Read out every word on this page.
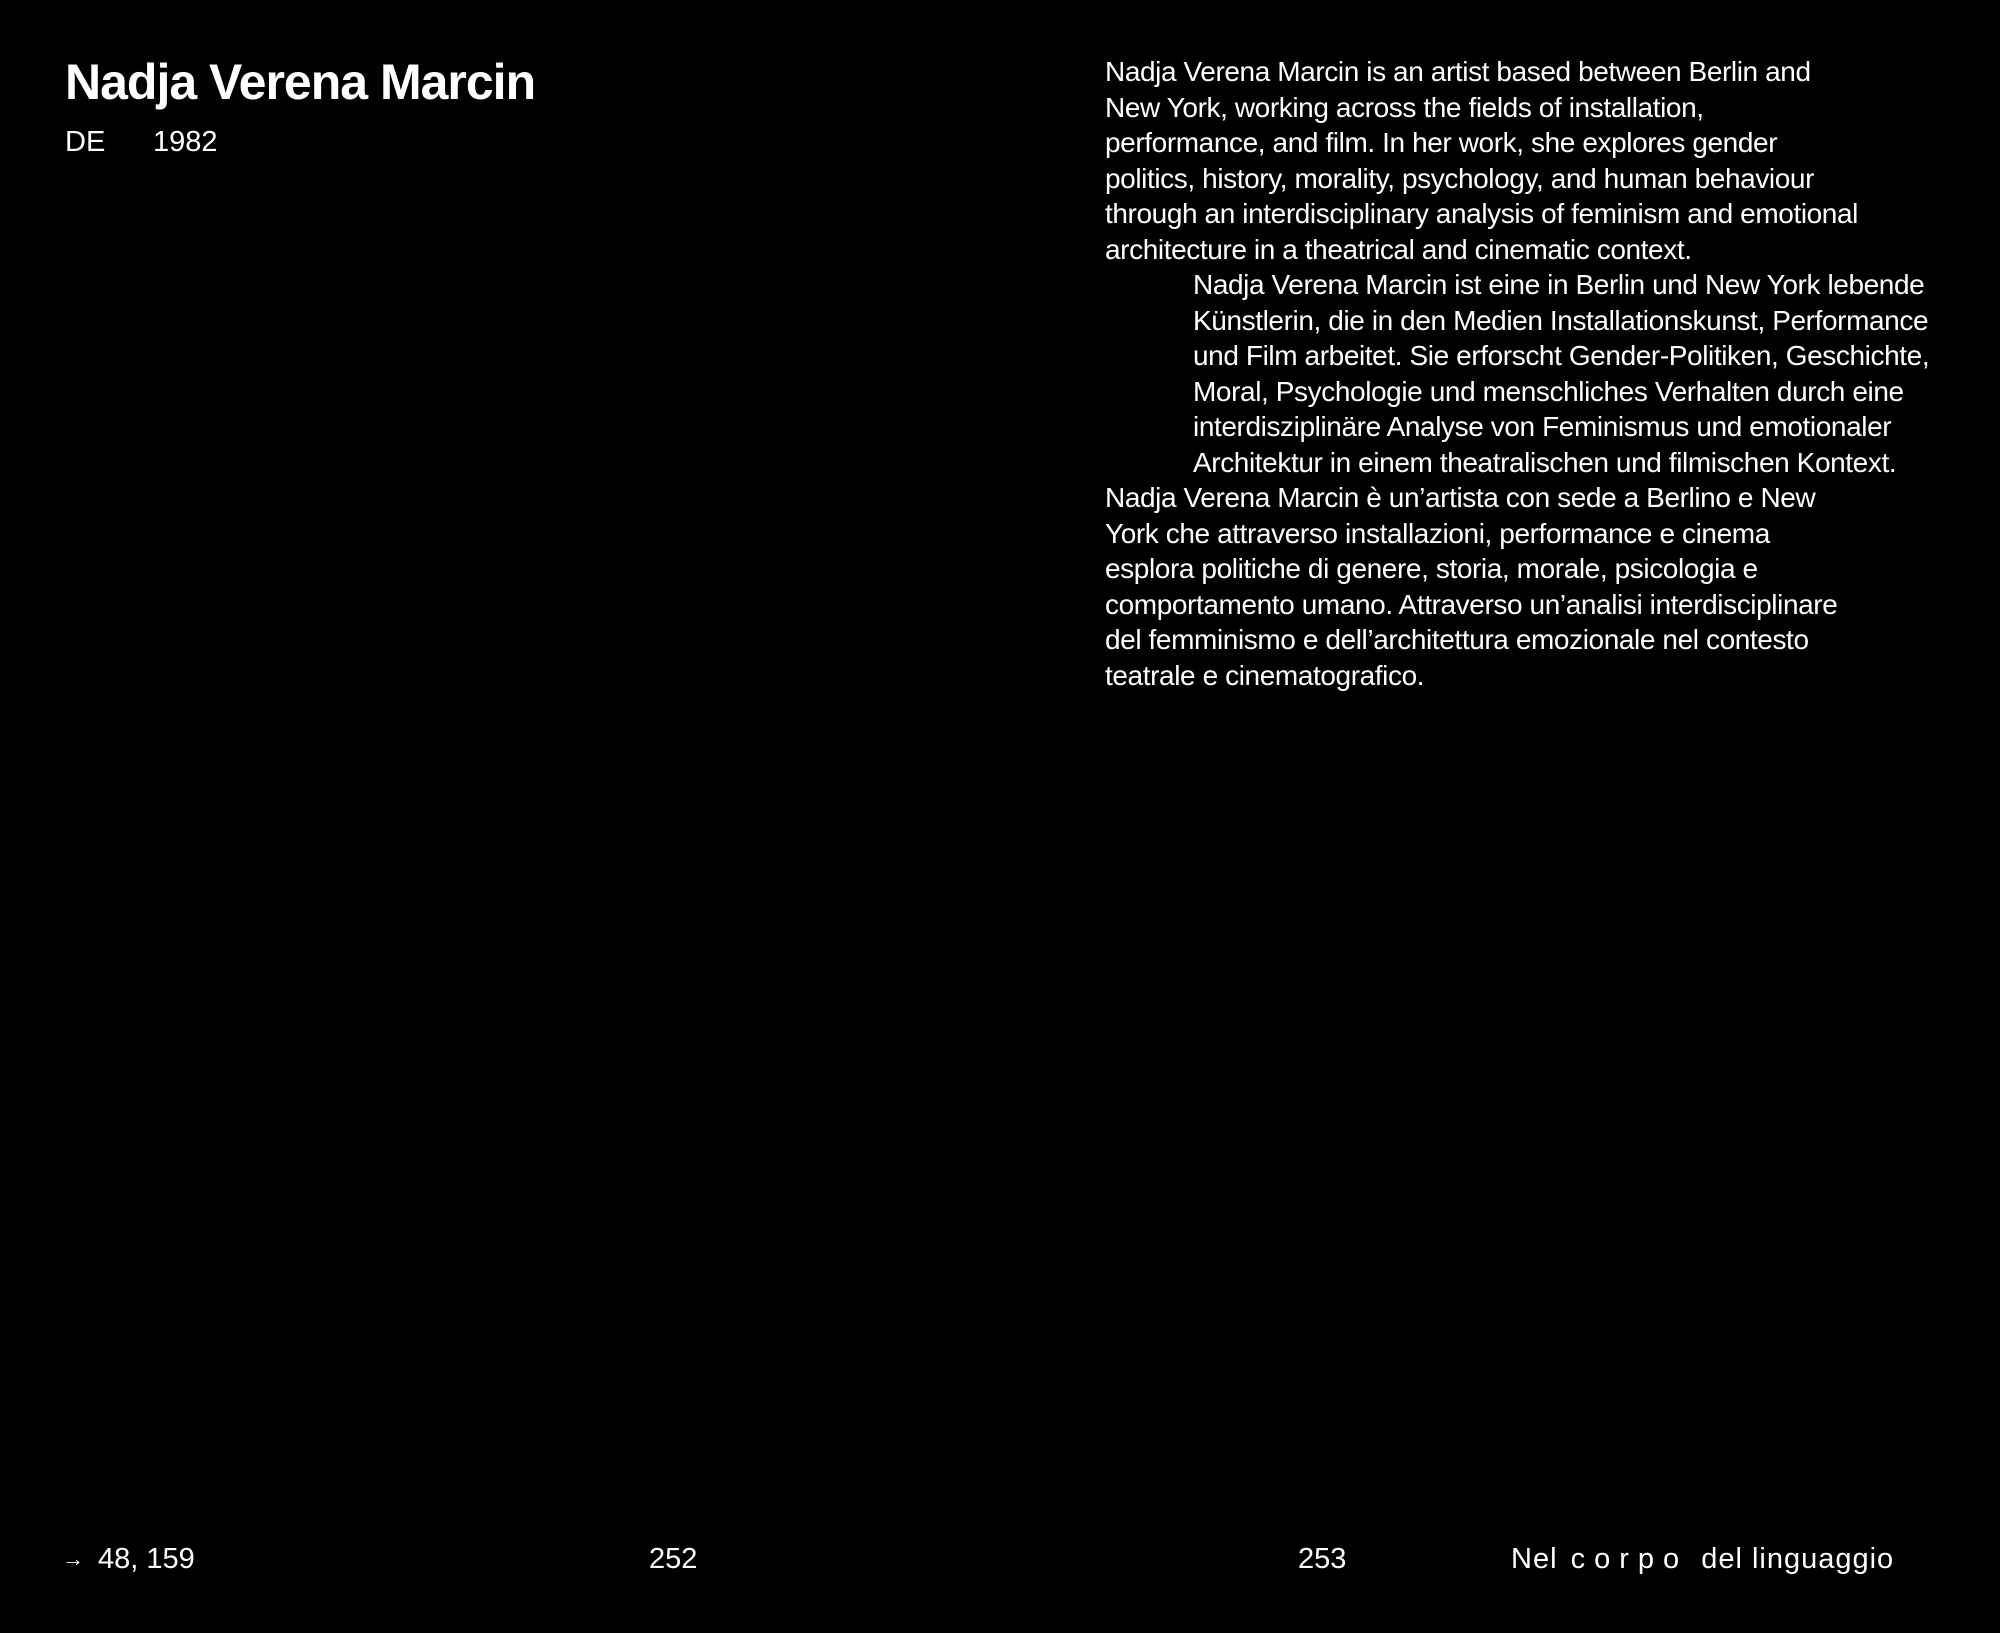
Nadja Verena Marcin
DE 1982
→ 48, 159	252

Nadja Verena Marcin is an artist based between Berlin and New York, working across the fields of installation, performance, and film. In her work, she explores gender politics, history, morality, psychology, and human behaviour through an interdisciplinary analysis of feminism and emotional architecture in a theatrical and cinematic context.

Nadja Verena Marcin ist eine in Berlin und New York lebende Künstlerin, die in den Medien Installationskunst, Performance und Film arbeitet. Sie erforscht Gender-Politiken, Geschichte, Moral, Psychologie und menschliches Verhalten durch eine interdisziplinäre Analyse von Feminismus und emotionaler Architektur in einem theatralischen und filmischen Kontext.

Nadja Verena Marcin è un’artista con sede a Berlino e New York che attraverso installazioni, performance e cinema esplora politiche di genere, storia, morale, psicologia e comportamento umano. Attraverso un’analisi interdisciplinare del femminismo e dell’architettura emozionale nel contesto teatrale e cinematografico.

253	Nel corpo del linguaggio
